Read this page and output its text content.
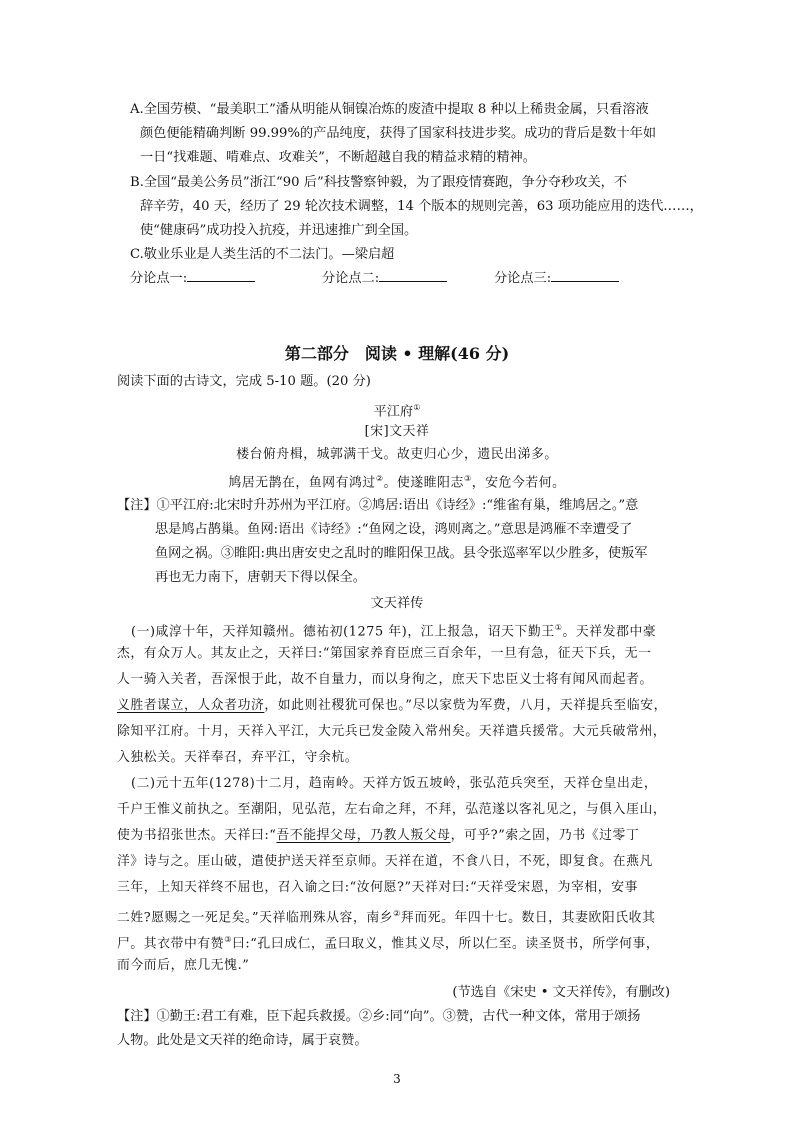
A.全国劳模、“最美职工”潘从明能从铜镍冶炼的废渣中提取 8 种以上稀贵金属，只看溶液
颜色便能精确判断 99.99%的产品纯度，获得了国家科技进步奖。成功的背后是数十年如
一日“找难题、啃难点、攻难关”，不断超越自我的精益求精的精神。
B.全国“最美公务员”浙江“90 后”科技警察钟毅，为了跟疫情赛跑，争分夺秒攻关，不
辞辛劳，40 天，经历了 29 轮次技术调整，14 个版本的规则完善，63 项功能应用的迭代……，
使“健康码”成功投入抗疫，并迅速推广到全国。
C.敬业乐业是人类生活的不二法门。—梁启超
分论点一:	分论点二:	分论点三:
第二部分　阅读 • 理解(46 分)
阅读下面的古诗文，完成 5-10 题。(20 分)
平江府①
[宋]文天祥
楼台俯舟楫，城郭满干戈。故吏归心少，遗民出涕多。
鸠居无鹊在，鱼网有鸿过②。使遂睢阳志③，安危今若何。
【注】①平江府:北宋时升苏州为平江府。②鸠居:语出《诗经》:“维雀有巢，维鸠居之。”意
思是鸠占鹊巢。鱼网:语出《诗经》:“鱼网之设，鸿则离之。”意思是鸿雁不幸遭受了
鱼网之祸。③睢阳:典出唐安史之乱时的睢阳保卫战。县令张巡率军以少胜多，使叛军
再也无力南下，唐朝天下得以保全。
文天祥传
(一)咸淳十年，天祥知赣州。德祐初(1275 年)，江上报急，诏天下勤王①。天祥发郡中豪
杰，有众万人。其友止之，天祥曰:“第国家养育臣庶三百余年，一旦有急，征天下兵，无一
人一骑入关者，吾深恨于此，故不自量力，而以身徇之，庶天下忠臣义士将有闻风而起者。
义胜者谋立，人众者功济，如此则社稷犹可保也。”尽以家赀为军费，八月，天祥提兵至临安，
除知平江府。十月，天祥入平江，大元兵已发金陵入常州矣。天祥遣兵援常。大元兵破常州，
入独松关。天祥奉召，弃平江，守余杭。
(二)元十五年(1278)十二月，趋南岭。天祥方饭五坡岭，张弘范兵突至，天祥仓皇出走，
千户王惟义前执之。至潮阳，见弘范，左右命之拜，不拜，弘范遂以客礼见之，与俱入厓山，
使为书招张世杰。天祥曰:“吾不能捍父母，乃教人叛父母，可乎?”索之固，乃书《过零丁
洋》诗与之。厓山破，遣使护送天祥至京师。天祥在道，不食八日，不死，即复食。在燕凡
三年，上知天祥终不屈也，召入谕之曰:“汝何愿?”天祥对曰:“天祥受宋恩，为宰相，安事
二姓?愿赐之一死足矣。”天祥临刑殊从容，南乡②拜而死。年四十七。数日，其妻欧阳氏收其
尸。其衣带中有赞③曰:“孔曰成仁，孟曰取义，惟其义尽，所以仁至。读圣贤书，所学何事，
而今而后，庶几无愧.”
(节选自《宋史 • 文天祥传》，有删改)
【注】①勤王:君工有难，臣下起兵救援。②乡:同“向”。③赞，古代一种文体，常用于颂扬
人物。此处是文天祥的绝命诗，属于哀赞。
3
